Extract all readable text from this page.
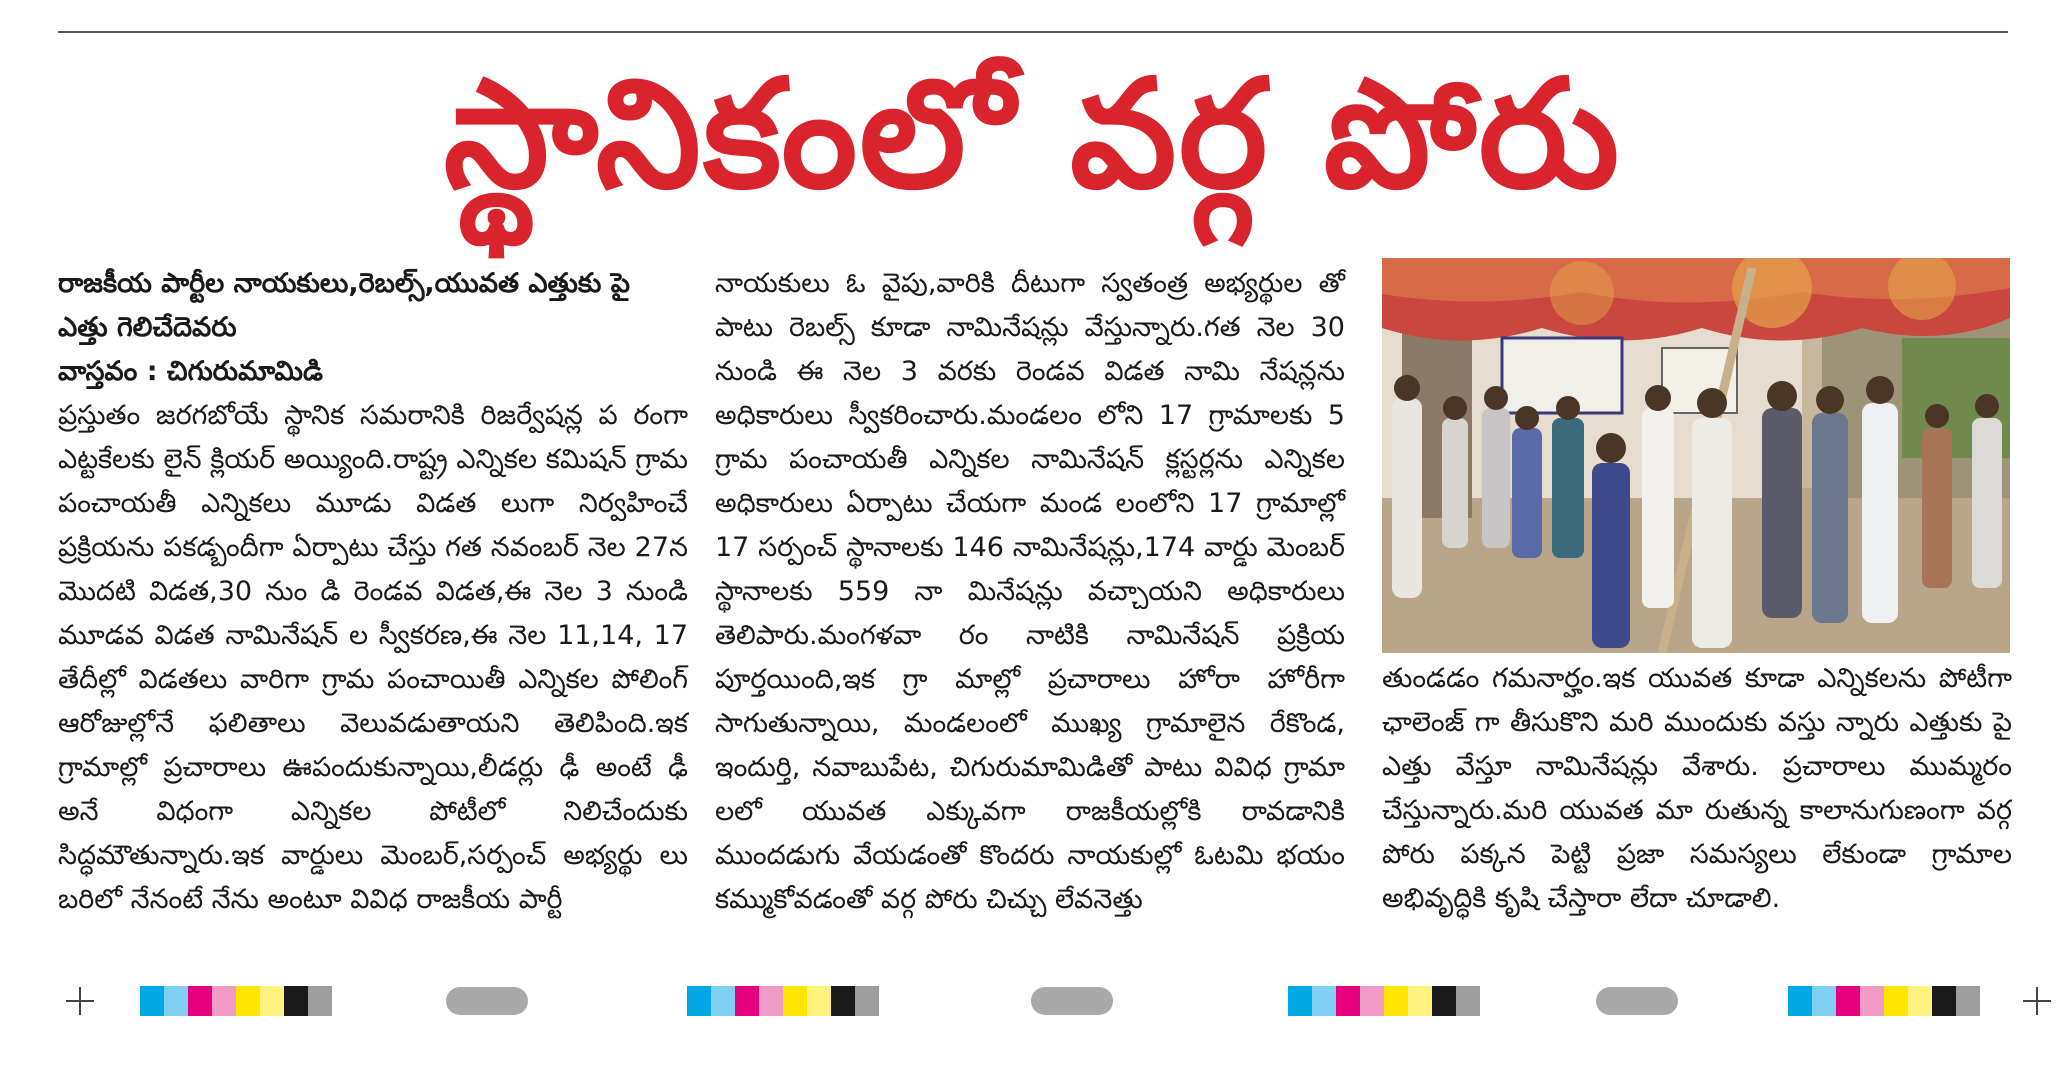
స్థానికంలో వర్గ పోరు

రాజకీయ పార్టీల నాయకులు,రెబల్స్,యువత ఎత్తుకు పై
ఎత్తు గెలిచేదెవరు

వాస్తవం : చిగురుమామిడి

ప్రస్తుతం జరగబోయే స్థానిక సమరానికి రిజర్వేషన్ల ప రంగా ఎట్టకేలకు లైన్ క్లియర్ అయ్యింది.రాష్ట్ర ఎన్నికల కమిషన్ గ్రామ పంచాయతీ ఎన్నికలు మూడు విడత లుగా నిర్వహించే ప్రక్రియను పకడ్బందీగా ఏర్పాటు చేస్తు గత నవంబర్ నెల 27న మొదటి విడత,30 నుం డి రెండవ విడత,ఈ నెల 3 నుండి మూడవ విడత నామినేషన్ ల స్వీకరణ,ఈ నెల 11,14, 17 తేదీల్లో విడతలు వారిగా గ్రామ పంచాయితీ ఎన్నికల పోలింగ్ ఆరోజుల్లోనే ఫలితాలు వెలువడుతాయని తెలిపింది.ఇక గ్రామాల్లో ప్రచారాలు ఊపందుకున్నాయి,లీడర్లు ఢీ అంటే ఢీ అనే విధంగా ఎన్నికల పోటీలో నిలిచేందుకు సిద్ధమౌతున్నారు.ఇక వార్డులు మెంబర్,సర్పంచ్ అభ్యర్థు లు బరిలో నేనంటే నేను అంటూ వివిధ రాజకీయ పార్టీ

నాయకులు ఓ వైపు,వారికి దీటుగా స్వతంత్ర అభ్యర్థుల తో పాటు రెబల్స్ కూడా నామినేషన్లు వేస్తున్నారు.గత నెల 30 నుండి ఈ నెల 3 వరకు రెండవ విడత నామి నేషన్లను అధికారులు స్వీకరించారు.మండలం లోని 17 గ్రామాలకు 5 గ్రామ పంచాయతీ ఎన్నికల నామినేషన్ క్లస్టర్లను ఎన్నికల అధికారులు ఏర్పాటు చేయగా మండ లంలోని 17 గ్రామాల్లో 17 సర్పంచ్ స్థానాలకు 146 నామినేషన్లు,174 వార్డు మెంబర్ స్థానాలకు 559 నా మినేషన్లు వచ్చాయని అధికారులు తెలిపారు.మంగళవా రం నాటికి నామినేషన్ ప్రక్రియ పూర్తయింది,ఇక గ్రా మాల్లో ప్రచారాలు హోరా హోరీగా సాగుతున్నాయి, మండలంలో ముఖ్య గ్రామాలైన రేకొండ, ఇందుర్తి, నవాబుపేట, చిగురుమామిడితో పాటు వివిధ గ్రామా లలో యువత ఎక్కువగా రాజకీయల్లోకి రావడానికి ముందడుగు వేయడంతో కొందరు నాయకుల్లో ఓటమి భయం కమ్ముకోవడంతో వర్గ పోరు చిచ్చు లేవనెత్తు

తుండడం గమనార్హం.ఇక యువత కూడా ఎన్నికలను పోటీగా ఛాలెంజ్ గా తీసుకొని మరి ముందుకు వస్తు న్నారు ఎత్తుకు పై ఎత్తు వేస్తూ నామినేషన్లు వేశారు. ప్రచారాలు ముమ్మరం చేస్తున్నారు.మరి యువత మా రుతున్న కాలానుగుణంగా వర్గ పోరు పక్కన పెట్టి ప్రజా సమస్యలు లేకుండా గ్రామాల అభివృద్ధికి కృషి చేస్తారా లేదా చూడాలి.
